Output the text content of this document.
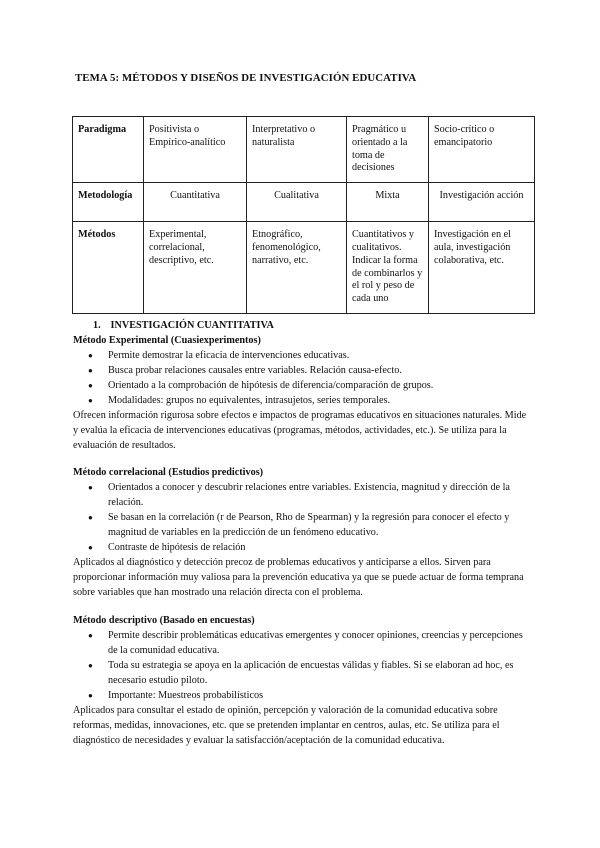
TEMA 5: MÉTODOS Y DISEÑOS DE INVESTIGACIÓN EDUCATIVA
Paradigma	Positivista o Empírico-analítico	Interpretativo o naturalista	Pragmático u orientado a la toma de decisiones	Socio-crítico o emancipatorio
Metodología	Cuantitativa	Cualitativa	Mixta	Investigación acción
Métodos	Experimental, correlacional, descriptivo, etc.	Etnográfico, fenomenológico, narrativo, etc.	Cuantitativos y cualitativos. Indicar la forma de combinarlos y el rol y peso de cada uno	Investigación en el aula, investigación colaborativa, etc.
1. INVESTIGACIÓN CUANTITATIVA
Método Experimental (Cuasiexperimentos)
● Permite demostrar la eficacia de intervenciones educativas.
● Busca probar relaciones causales entre variables. Relación causa-efecto.
● Orientado a la comprobación de hipótesis de diferencia/comparación de grupos.
● Modalidades: grupos no equivalentes, intrasujetos, series temporales.

Ofrecen información rigurosa sobre efectos e impactos de programas educativos en situaciones naturales. Mide y evalúa la eficacia de intervenciones educativas (programas, métodos, actividades, etc.). Se utiliza para la evaluación de resultados.

Método correlacional (Estudios predictivos)
● Orientados a conocer y descubrir relaciones entre variables. Existencia, magnitud y dirección de la relación.
● Se basan en la correlación (r de Pearson, Rho de Spearman) y la regresión para conocer el efecto y magnitud de variables en la predicción de un fenómeno educativo.
● Contraste de hipótesis de relación

Aplicados al diagnóstico y detección precoz de problemas educativos y anticiparse a ellos. Sirven para proporcionar información muy valiosa para la prevención educativa ya que se puede actuar de forma temprana sobre variables que han mostrado una relación directa con el problema.

Método descriptivo (Basado en encuestas)
● Permite describir problemáticas educativas emergentes y conocer opiniones, creencias y percepciones de la comunidad educativa.
● Toda su estrategia se apoya en la aplicación de encuestas válidas y fiables. Si se elaboran ad hoc, es necesario estudio piloto.
● Importante: Muestreos probabilísticos

Aplicados para consultar el estado de opinión, percepción y valoración de la comunidad educativa sobre reformas, medidas, innovaciones, etc. que se pretenden implantar en centros, aulas, etc. Se utiliza para el diagnóstico de necesidades y evaluar la satisfacción/aceptación de la comunidad educativa.
